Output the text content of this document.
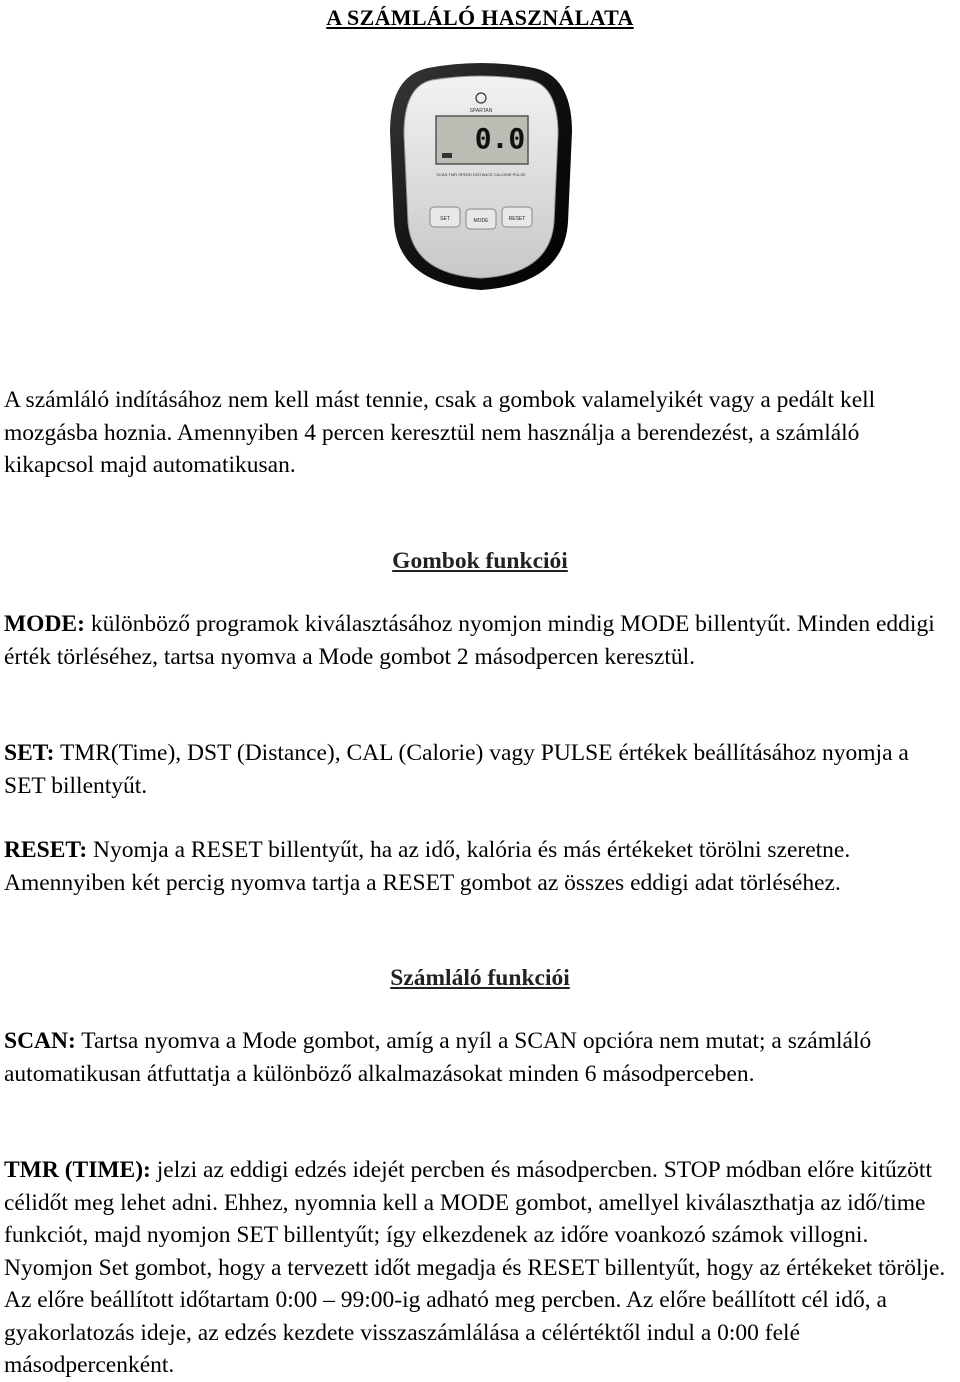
A SZÁMLÁLÓ HASZNÁLATA
SPARTAN
0.0
SCAN TMR SPEED DISTANCE CALORIE PULSE
SET	MODE	RESET

A számláló indításához nem kell mást tennie, csak a gombok valamelyikét vagy a pedált kell mozgásba hoznia. Amennyiben 4 percen keresztül nem használja a berendezést, a számláló kikapcsol majd automatikusan.

Gombok funkciói

MODE: különböző programok kiválasztásához nyomjon mindig MODE billentyűt. Minden eddigi érték törléséhez, tartsa nyomva a Mode gombot 2 másodpercen keresztül.

SET: TMR(Time), DST (Distance), CAL (Calorie) vagy PULSE értékek beállításához nyomja a SET billentyűt.

RESET: Nyomja a RESET billentyűt, ha az idő, kalória és más értékeket törölni szeretne. Amennyiben két percig nyomva tartja a RESET gombot az összes eddigi adat törléséhez.

Számláló funkciói

SCAN: Tartsa nyomva a Mode gombot, amíg a nyíl a SCAN opcióra nem mutat; a számláló automatikusan átfuttatja a különböző alkalmazásokat minden 6 másodperceben.

TMR (TIME): jelzi az eddigi edzés idejét percben és másodpercben. STOP módban előre kitűzött célidőt meg lehet adni. Ehhez, nyomnia kell a MODE gombot, amellyel kiválaszthatja az idő/time funkciót, majd nyomjon SET billentyűt; így elkezdenek az időre voankozó számok villogni. Nyomjon Set gombot, hogy a tervezett időt megadja és RESET billentyűt, hogy az értékeket törölje. Az előre beállított időtartam 0:00 – 99:00-ig adható meg percben. Az előre beállított cél idő, a gyakorlatozás ideje, az edzés kezdete visszaszámlálása a célértéktől indul a 0:00 felé másodpercenként.
